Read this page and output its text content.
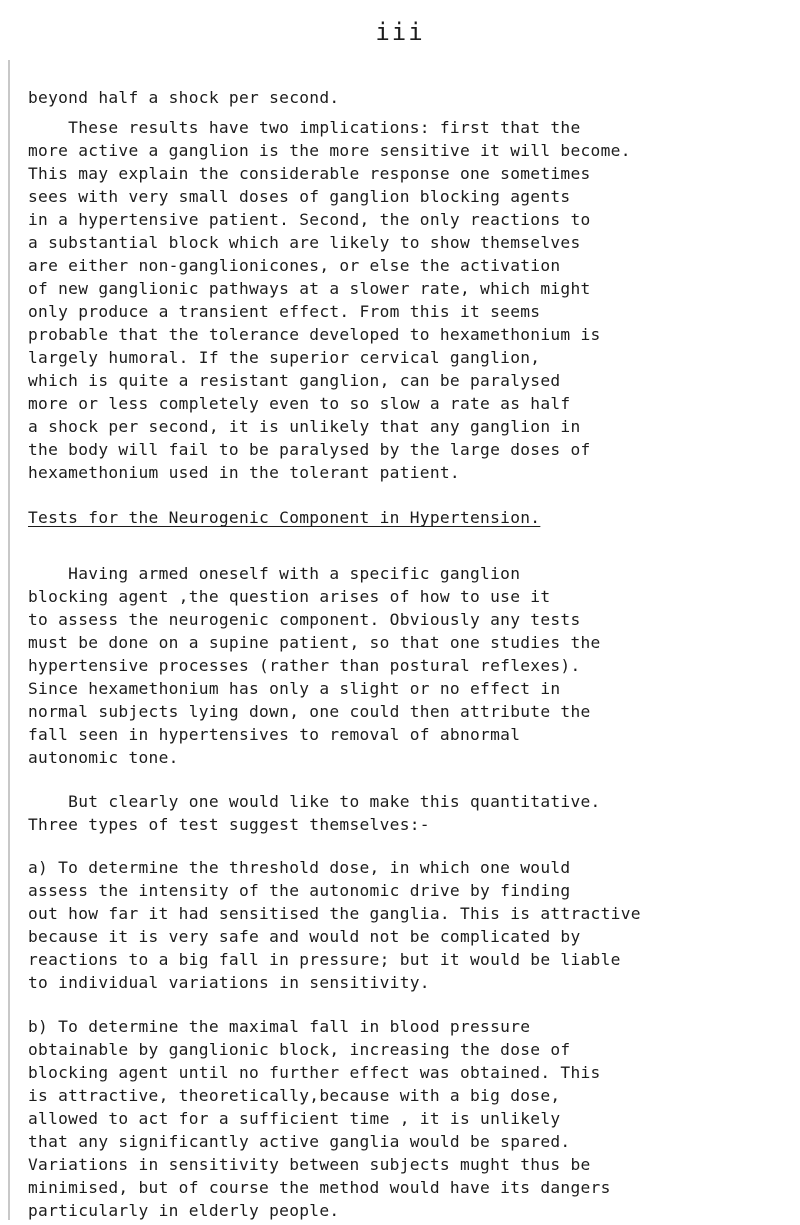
iii
beyond half a shock per second.
These results have two implications: first that the
more active a ganglion is the more sensitive it will become.
This may explain the considerable response one sometimes
sees with very small doses of ganglion blocking agents
in a hypertensive patient. Second, the only reactions to
a substantial block which are likely to show themselves
are either non-ganglionicones, or else the activation
of new ganglionic pathways at a slower rate, which might
only produce a transient effect. From this it seems
probable that the tolerance developed to hexamethonium is
largely humoral. If the superior cervical ganglion,
which is quite a resistant ganglion, can be paralysed
more or less completely even to so slow a rate as half
a shock per second, it is unlikely that any ganglion in
the body will fail to be paralysed by the large doses of
hexamethonium used in the tolerant patient.
Tests for the Neurogenic Component in Hypertension.
Having armed oneself with a specific ganglion
blocking agent ,the question arises of how to use it
to assess the neurogenic component. Obviously any tests
must be done on a supine patient, so that one studies the
hypertensive processes (rather than postural reflexes).
Since hexamethonium has only a slight or no effect in
normal subjects lying down, one could then attribute the
fall seen in hypertensives to removal of abnormal
autonomic tone.
But clearly one would like to make this quantitative.
Three types of test suggest themselves:-
a) To determine the threshold dose, in which one would
assess the intensity of the autonomic drive by finding
out how far it had sensitised the ganglia. This is attractive
because it is very safe and would not be complicated by
reactions to a big fall in pressure; but it would be liable
to individual variations in sensitivity.
b) To determine the maximal fall in blood pressure
obtainable by ganglionic block, increasing the dose of
blocking agent until no further effect was obtained. This
is attractive, theoretically,because with a big dose,
allowed to act for a sufficient time , it is unlikely
that any significantly active ganglia would be spared.
Variations in sensitivity between subjects mught thus be
minimised, but of course the method would have its dangers
particularly in elderly people.
